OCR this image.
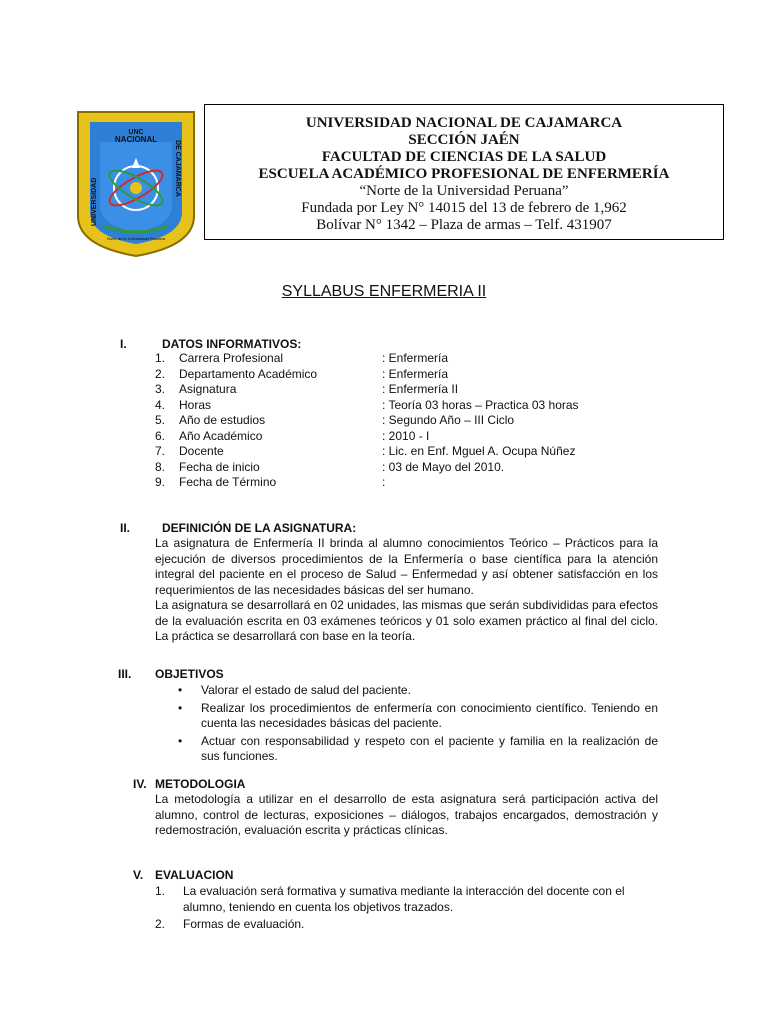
UNC
NACIONAL
UNIVERSIDAD
DE CAJAMARCA
Norte de la Universidad Peruana
UNIVERSIDAD NACIONAL DE CAJAMARCA
SECCIÓN JAÉN
FACULTAD DE CIENCIAS DE LA SALUD
ESCUELA ACADÉMICO PROFESIONAL DE ENFERMERÍA
“Norte de la Universidad Peruana”
Fundada por Ley N° 14015 del 13 de febrero de 1,962
Bolívar N° 1342 – Plaza de armas – Telf. 431907
SYLLABUS ENFERMERIA II
I.	DATOS INFORMATIVOS:
1.	Carrera Profesional	: Enfermería
2.	Departamento Académico	: Enfermería
3.	Asignatura	: Enfermería II
4.	Horas	: Teoría 03 horas – Practica 03 horas
5.	Año de estudios	: Segundo Año – III Ciclo
6.	Año Académico	: 2010 - I
7.	Docente	: Lic. en Enf. Mguel A. Ocupa Núñez
8.	Fecha de inicio	: 03 de Mayo del 2010.
9.	Fecha de Término	:
II.	DEFINICIÓN DE LA ASIGNATURA:
La asignatura de Enfermería II brinda al alumno conocimientos Teórico – Prácticos para la ejecución de diversos procedimientos de la Enfermería o base científica para la atención integral del paciente en el proceso de Salud – Enfermedad y así obtener satisfacción en los requerimientos de las necesidades básicas del ser humano.
La asignatura se desarrollará en 02 unidades, las mismas que serán subdivididas para efectos de la evaluación escrita en 03 exámenes teóricos y 01 solo examen práctico al final del ciclo. La práctica se desarrollará con base en la teoría.
III. OBJETIVOS
• Valorar el estado de salud del paciente.
• Realizar los procedimientos de enfermería con conocimiento científico. Teniendo en cuenta las necesidades básicas del paciente.
• Actuar con responsabilidad y respeto con el paciente y familia en la realización de sus funciones.
IV. METODOLOGIA
La metodología a utilizar en el desarrollo de esta asignatura será participación activa del alumno, control de lecturas, exposiciones – diálogos, trabajos encargados, demostración y redemostración, evaluación escrita y prácticas clínicas.
V. EVALUACION
1. La evaluación será formativa y sumativa mediante la interacción del docente con el alumno, teniendo en cuenta los objetivos trazados.
2. Formas de evaluación.
